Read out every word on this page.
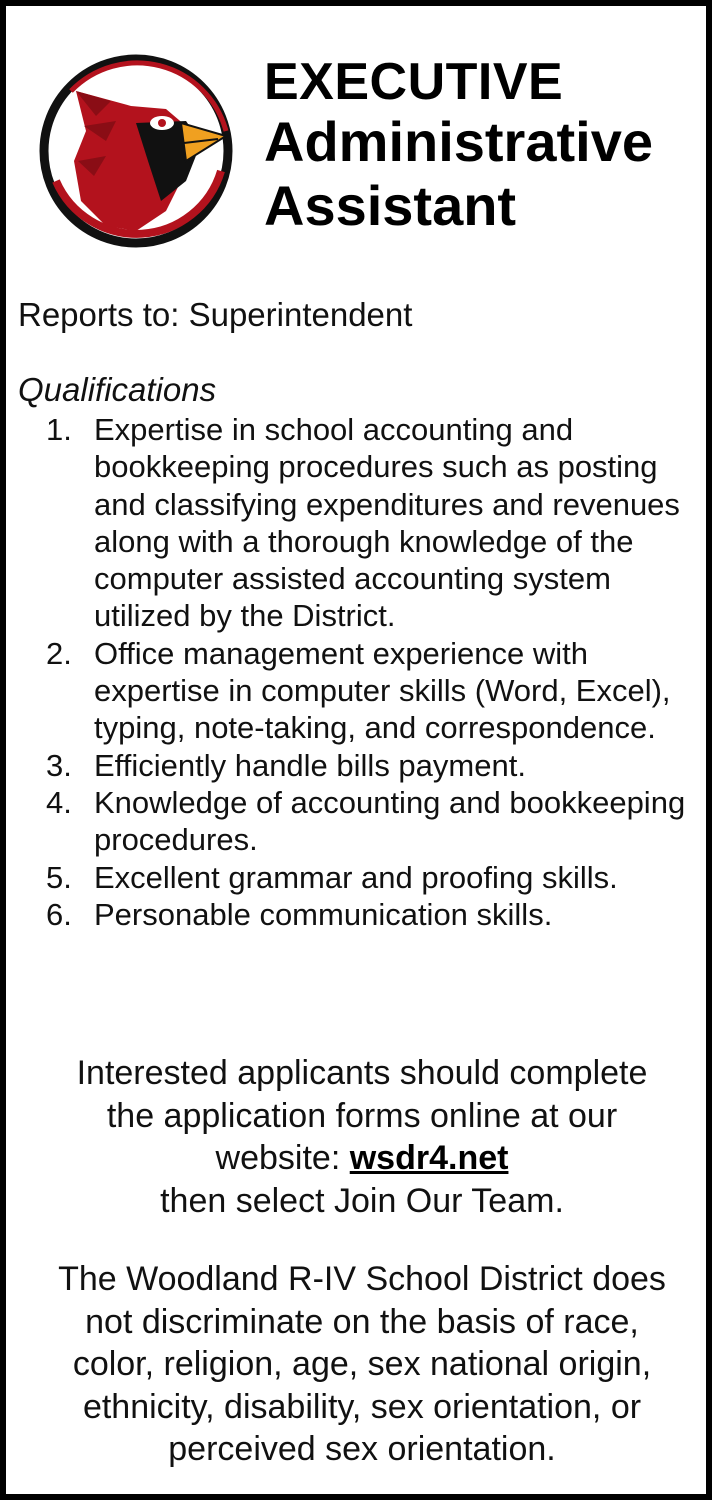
EXECUTIVE
Administrative
Assistant
Reports to: Superintendent
Qualifications
1. Expertise in school accounting and bookkeeping procedures such as posting and classifying expenditures and revenues along with a thorough knowledge of the computer assisted accounting system utilized by the District.
2. Office management experience with expertise in computer skills (Word, Excel), typing, note-taking, and correspondence.
3. Efficiently handle bills payment.
4. Knowledge of accounting and bookkeeping procedures.
5. Excellent grammar and proofing skills.
6. Personable communication skills.
Interested applicants should complete
the application forms online at our
website: wsdr4.net
then select Join Our Team.
The Woodland R-IV School District does
not discriminate on the basis of race,
color, religion, age, sex national origin,
ethnicity, disability, sex orientation, or
perceived sex orientation.
